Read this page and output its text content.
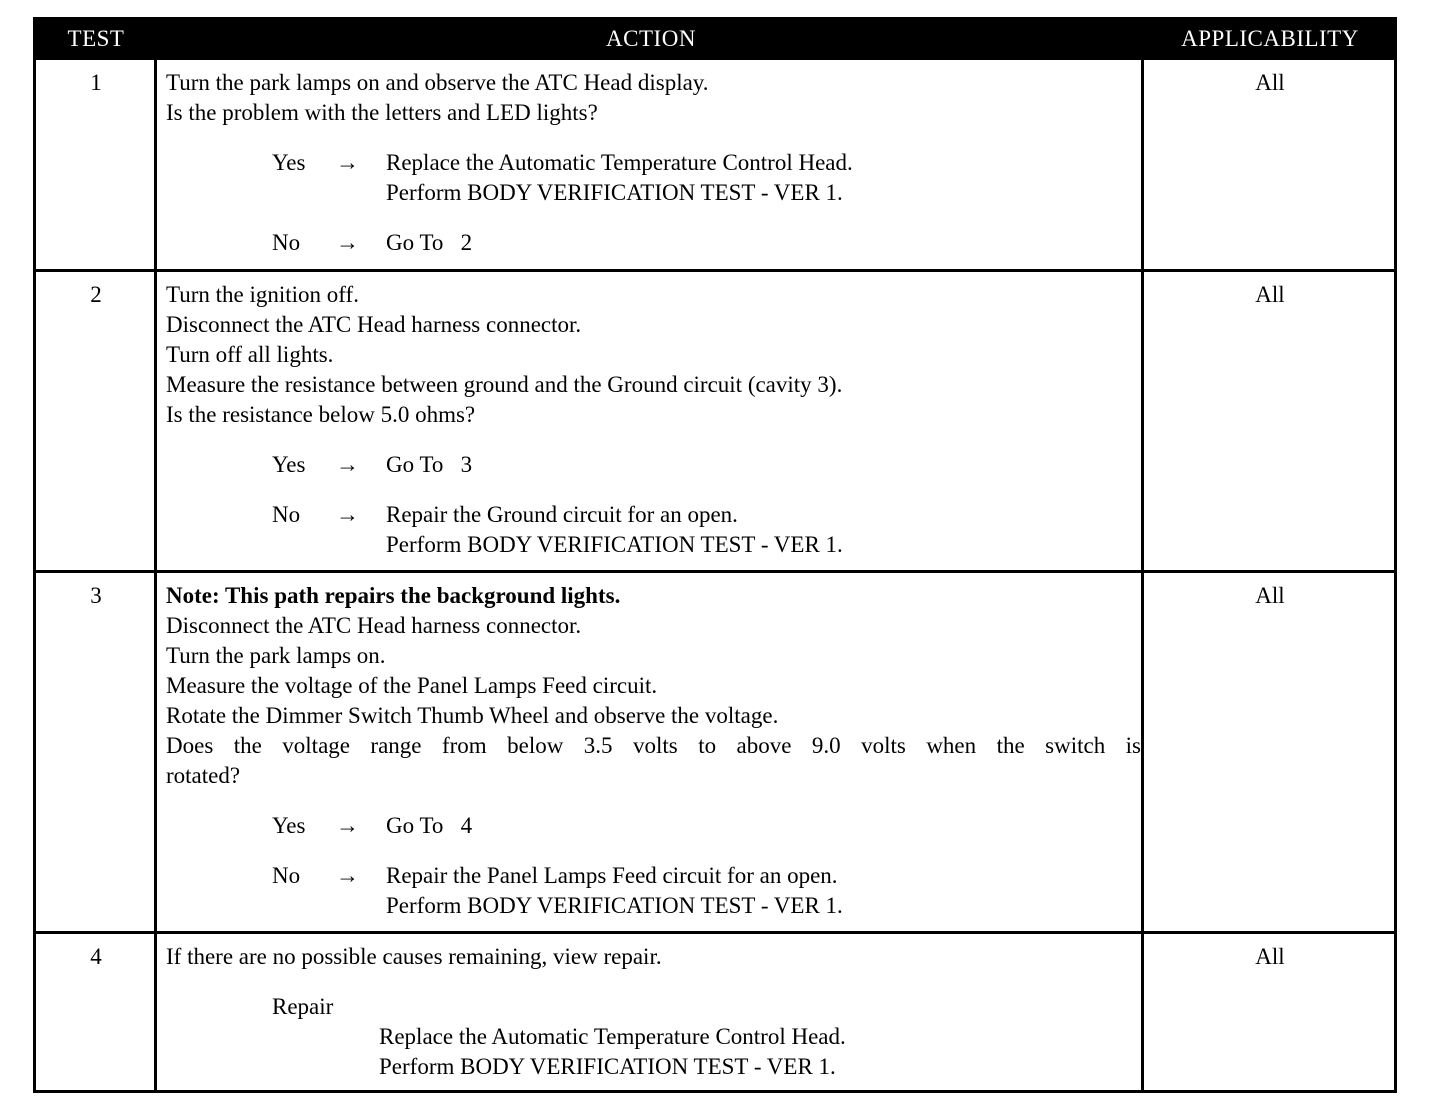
TEST	ACTION	APPLICABILITY
1	Turn the park lamps on and observe the ATC Head display.
Is the problem with the letters and LED lights?
Yes → Replace the Automatic Temperature Control Head.
Perform BODY VERIFICATION TEST - VER 1.
No → Go To   2
All
2	Turn the ignition off.
Disconnect the ATC Head harness connector.
Turn off all lights.
Measure the resistance between ground and the Ground circuit (cavity 3).
Is the resistance below 5.0 ohms?
Yes → Go To   3
No → Repair the Ground circuit for an open.
Perform BODY VERIFICATION TEST - VER 1.
All
3	Note: This path repairs the background lights.
Disconnect the ATC Head harness connector.
Turn the park lamps on.
Measure the voltage of the Panel Lamps Feed circuit.
Rotate the Dimmer Switch Thumb Wheel and observe the voltage.
Does the voltage range from below 3.5 volts to above 9.0 volts when the switch is
rotated?
Yes → Go To   4
No → Repair the Panel Lamps Feed circuit for an open.
Perform BODY VERIFICATION TEST - VER 1.
All
4	If there are no possible causes remaining, view repair.
Repair
Replace the Automatic Temperature Control Head.
Perform BODY VERIFICATION TEST - VER 1.
All
